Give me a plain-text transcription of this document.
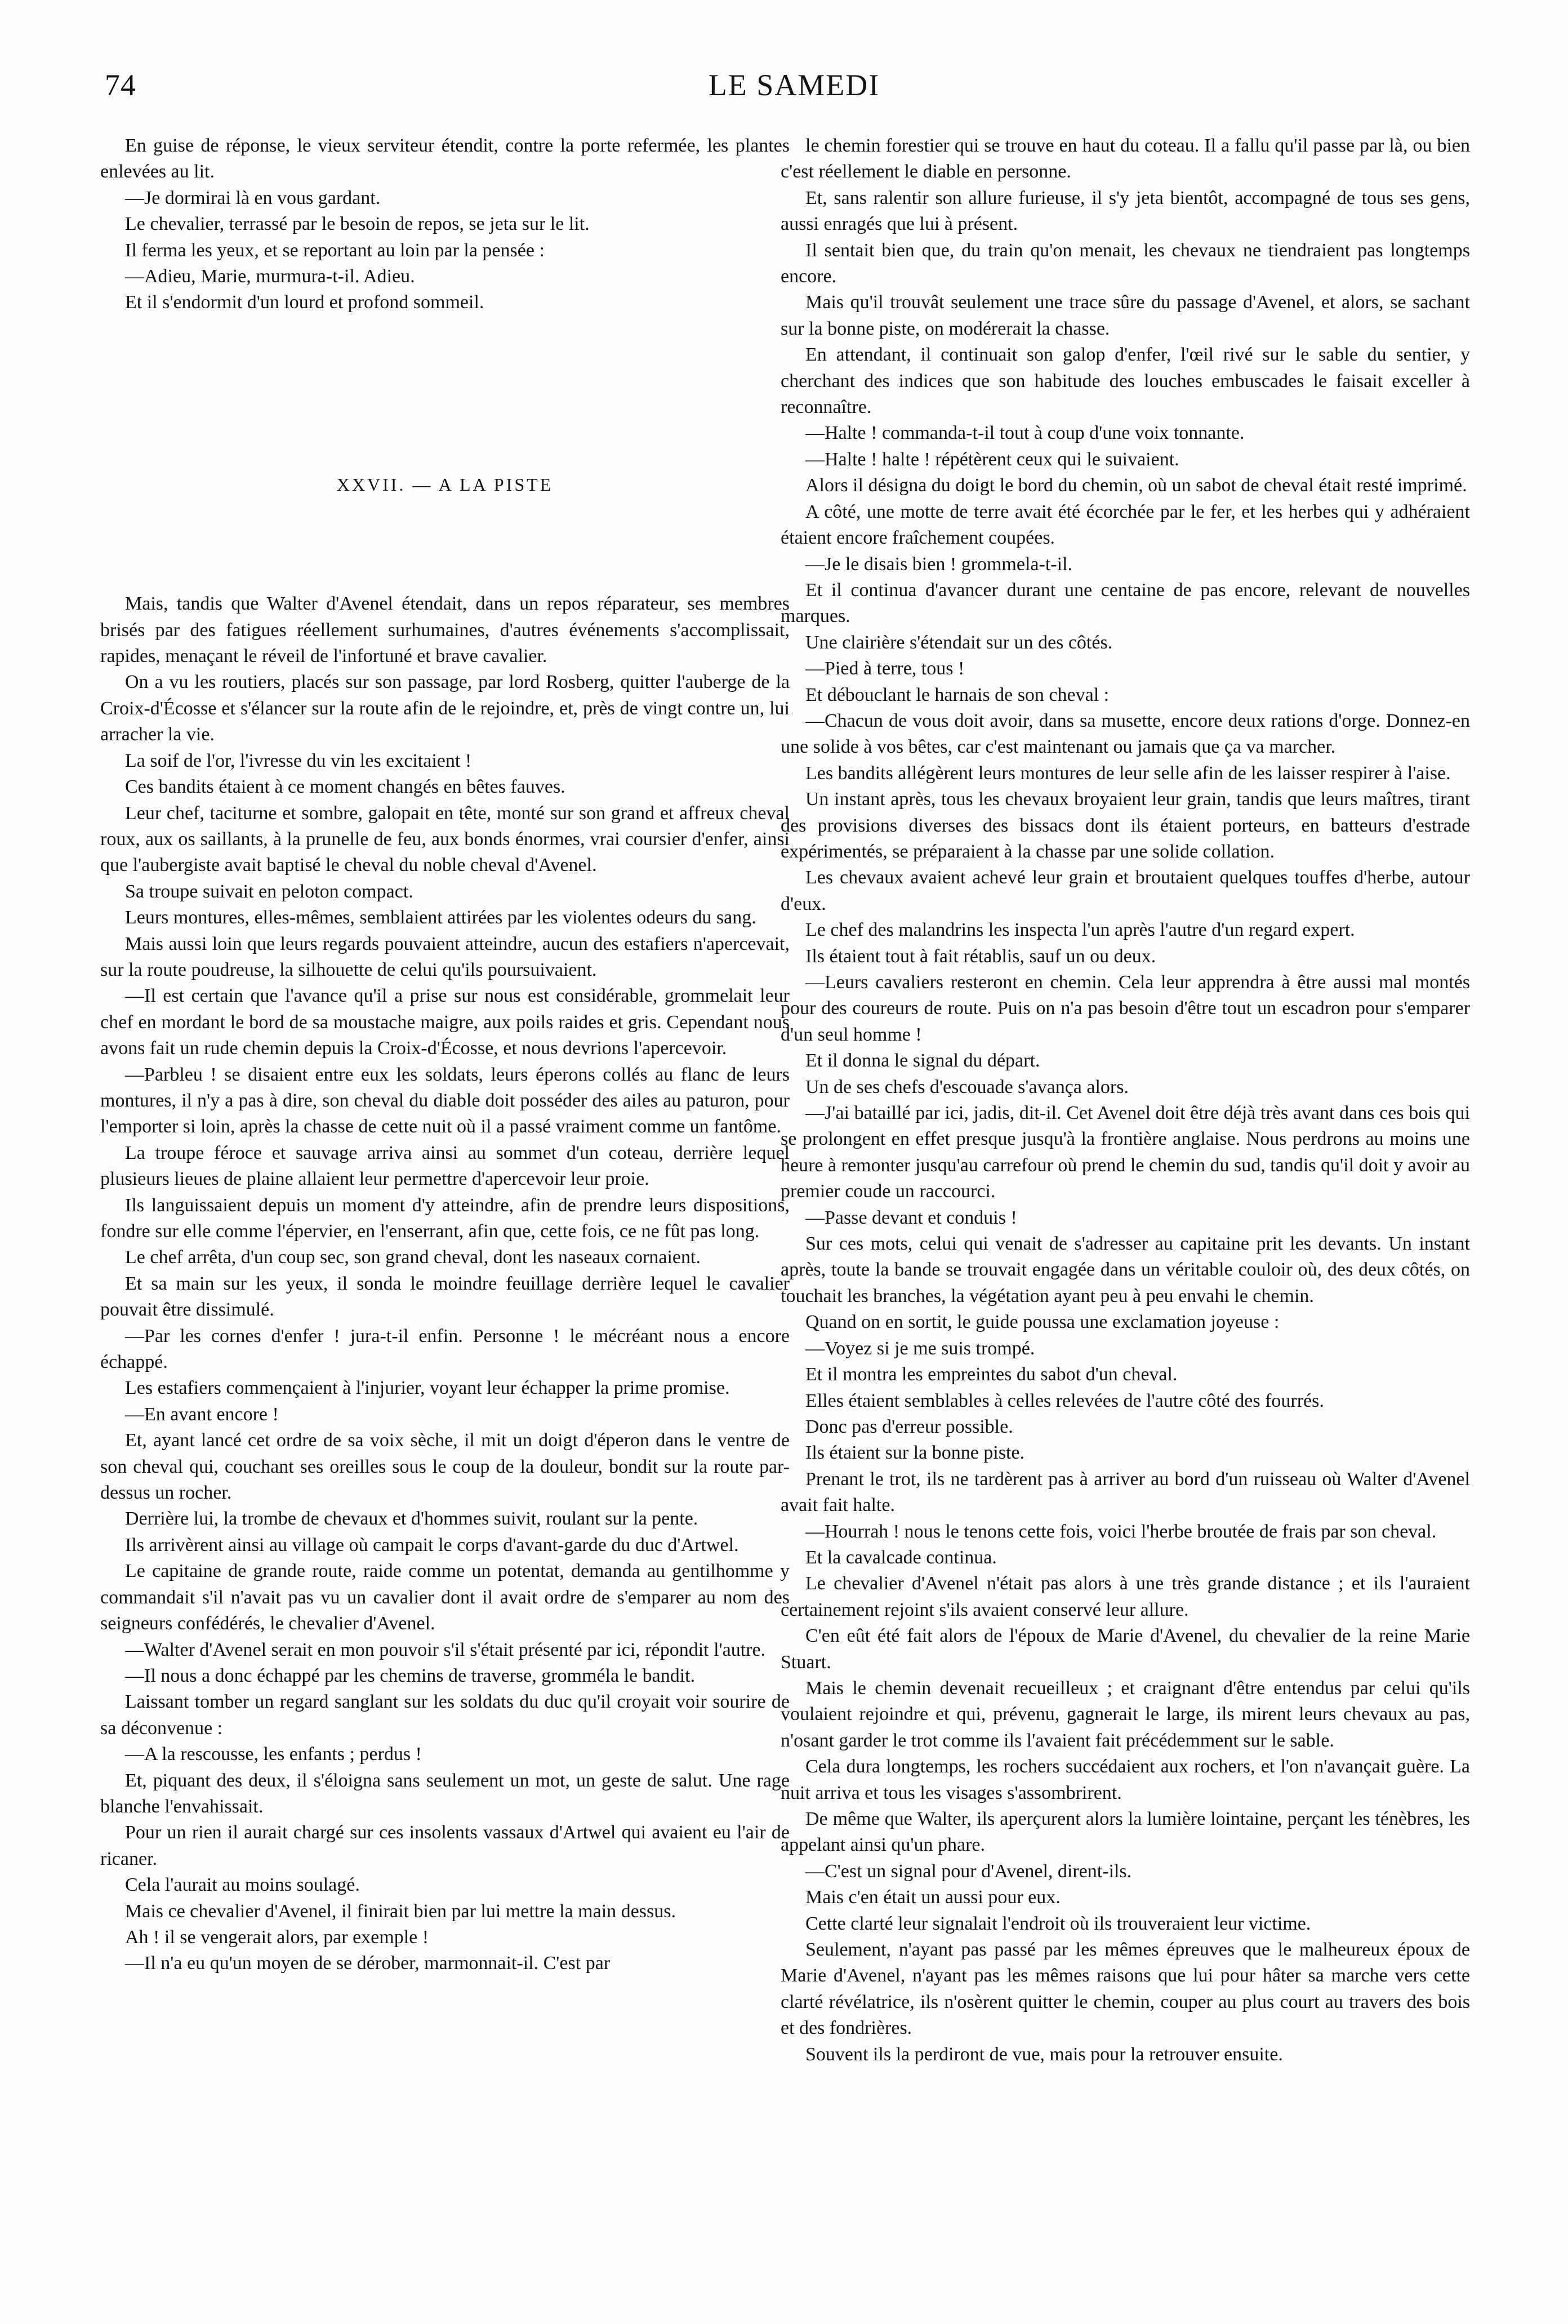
74	LE SAMEDI

En guise de réponse, le vieux serviteur étendit, contre la porte refermée, les plantes enlevées au lit.

—Je dormirai là en vous gardant.

Le chevalier, terrassé par le besoin de repos, se jeta sur le lit.

Il ferma les yeux, et se reportant au loin par la pensée :

—Adieu, Marie, murmura-t-il. Adieu.

Et il s'endormit d'un lourd et profond sommeil.

XXVII. — A LA PISTE

Mais, tandis que Walter d'Avenel étendait, dans un repos réparateur, ses membres brisés par des fatigues réellement surhumaines, d'autres événements s'accomplissait, rapides, menaçant le réveil de l'infortuné et brave cavalier.

On a vu les routiers, placés sur son passage, par lord Rosberg, quitter l'auberge de la Croix-d'Écosse et s'élancer sur la route afin de le rejoindre, et, près de vingt contre un, lui arracher la vie.

La soif de l'or, l'ivresse du vin les excitaient !

Ces bandits étaient à ce moment changés en bêtes fauves.

Leur chef, taciturne et sombre, galopait en tête, monté sur son grand et affreux cheval roux, aux os saillants, à la prunelle de feu, aux bonds énormes, vrai coursier d'enfer, ainsi que l'aubergiste avait baptisé le cheval du noble cheval d'Avenel.

Sa troupe suivait en peloton compact.

Leurs montures, elles-mêmes, semblaient attirées par les violentes odeurs du sang.

Mais aussi loin que leurs regards pouvaient atteindre, aucun des estafiers n'apercevait, sur la route poudreuse, la silhouette de celui qu'ils poursuivaient.

—Il est certain que l'avance qu'il a prise sur nous est considérable, grommelait leur chef en mordant le bord de sa moustache maigre, aux poils raides et gris. Cependant nous avons fait un rude chemin depuis la Croix-d'Écosse, et nous devrions l'apercevoir.

—Parbleu ! se disaient entre eux les soldats, leurs éperons collés au flanc de leurs montures, il n'y a pas à dire, son cheval du diable doit posséder des ailes au paturon, pour l'emporter si loin, après la chasse de cette nuit où il a passé vraiment comme un fantôme.

La troupe féroce et sauvage arriva ainsi au sommet d'un coteau, derrière lequel plusieurs lieues de plaine allaient leur permettre d'apercevoir leur proie.

Ils languissaient depuis un moment d'y atteindre, afin de prendre leurs dispositions, fondre sur elle comme l'épervier, en l'enserrant, afin que, cette fois, ce ne fût pas long.

Le chef arrêta, d'un coup sec, son grand cheval, dont les naseaux cornaient.

Et sa main sur les yeux, il sonda le moindre feuillage derrière lequel le cavalier pouvait être dissimulé.

—Par les cornes d'enfer ! jura-t-il enfin. Personne ! le mécréant nous a encore échappé.

Les estafiers commençaient à l'injurier, voyant leur échapper la prime promise.

—En avant encore !

Et, ayant lancé cet ordre de sa voix sèche, il mit un doigt d'éperon dans le ventre de son cheval qui, couchant ses oreilles sous le coup de la douleur, bondit sur la route par-dessus un rocher.

Derrière lui, la trombe de chevaux et d'hommes suivit, roulant sur la pente.

Ils arrivèrent ainsi au village où campait le corps d'avant-garde du duc d'Artwel.

Le capitaine de grande route, raide comme un potentat, demanda au gentilhomme y commandait s'il n'avait pas vu un cavalier dont il avait ordre de s'emparer au nom des seigneurs confédérés, le chevalier d'Avenel.

—Walter d'Avenel serait en mon pouvoir s'il s'était présenté par ici, répondit l'autre.

—Il nous a donc échappé par les chemins de traverse, gromméla le bandit.

Laissant tomber un regard sanglant sur les soldats du duc qu'il croyait voir sourire de sa déconvenue :

—A la rescousse, les enfants ; perdus !

Et, piquant des deux, il s'éloigna sans seulement un mot, un geste de salut. Une rage blanche l'envahissait.

Pour un rien il aurait chargé sur ces insolents vassaux d'Artwel qui avaient eu l'air de ricaner.

Cela l'aurait au moins soulagé.

Mais ce chevalier d'Avenel, il finirait bien par lui mettre la main dessus.

Ah ! il se vengerait alors, par exemple !

—Il n'a eu qu'un moyen de se dérober, marmonnait-il. C'est par

le chemin forestier qui se trouve en haut du coteau. Il a fallu qu'il passe par là, ou bien c'est réellement le diable en personne.

Et, sans ralentir son allure furieuse, il s'y jeta bientôt, accompagné de tous ses gens, aussi enragés que lui à présent.

Il sentait bien que, du train qu'on menait, les chevaux ne tiendraient pas longtemps encore.

Mais qu'il trouvât seulement une trace sûre du passage d'Avenel, et alors, se sachant sur la bonne piste, on modérerait la chasse.

En attendant, il continuait son galop d'enfer, l'œil rivé sur le sable du sentier, y cherchant des indices que son habitude des louches embuscades le faisait exceller à reconnaître.

—Halte ! commanda-t-il tout à coup d'une voix tonnante.

—Halte ! halte ! répétèrent ceux qui le suivaient.

Alors il désigna du doigt le bord du chemin, où un sabot de cheval était resté imprimé.

A côté, une motte de terre avait été écorchée par le fer, et les herbes qui y adhéraient étaient encore fraîchement coupées.

—Je le disais bien ! grommela-t-il.

Et il continua d'avancer durant une centaine de pas encore, relevant de nouvelles marques.

Une clairière s'étendait sur un des côtés.

—Pied à terre, tous !

Et débouclant le harnais de son cheval :

—Chacun de vous doit avoir, dans sa musette, encore deux rations d'orge. Donnez-en une solide à vos bêtes, car c'est maintenant ou jamais que ça va marcher.

Les bandits allégèrent leurs montures de leur selle afin de les laisser respirer à l'aise.

Un instant après, tous les chevaux broyaient leur grain, tandis que leurs maîtres, tirant des provisions diverses des bissacs dont ils étaient porteurs, en batteurs d'estrade expérimentés, se préparaient à la chasse par une solide collation.

Les chevaux avaient achevé leur grain et broutaient quelques touffes d'herbe, autour d'eux.

Le chef des malandrins les inspecta l'un après l'autre d'un regard expert.

Ils étaient tout à fait rétablis, sauf un ou deux.

—Leurs cavaliers resteront en chemin. Cela leur apprendra à être aussi mal montés pour des coureurs de route. Puis on n'a pas besoin d'être tout un escadron pour s'emparer d'un seul homme !

Et il donna le signal du départ.

Un de ses chefs d'escouade s'avança alors.

—J'ai bataillé par ici, jadis, dit-il. Cet Avenel doit être déjà très avant dans ces bois qui se prolongent en effet presque jusqu'à la frontière anglaise. Nous perdrons au moins une heure à remonter jusqu'au carrefour où prend le chemin du sud, tandis qu'il doit y avoir au premier coude un raccourci.

—Passe devant et conduis !

Sur ces mots, celui qui venait de s'adresser au capitaine prit les devants. Un instant après, toute la bande se trouvait engagée dans un véritable couloir où, des deux côtés, on touchait les branches, la végétation ayant peu à peu envahi le chemin.

Quand on en sortit, le guide poussa une exclamation joyeuse :

—Voyez si je me suis trompé.

Et il montra les empreintes du sabot d'un cheval.

Elles étaient semblables à celles relevées de l'autre côté des fourrés.

Donc pas d'erreur possible.

Ils étaient sur la bonne piste.

Prenant le trot, ils ne tardèrent pas à arriver au bord d'un ruisseau où Walter d'Avenel avait fait halte.

—Hourrah ! nous le tenons cette fois, voici l'herbe broutée de frais par son cheval.

Et la cavalcade continua.

Le chevalier d'Avenel n'était pas alors à une très grande distance ; et ils l'auraient certainement rejoint s'ils avaient conservé leur allure.

C'en eût été fait alors de l'époux de Marie d'Avenel, du chevalier de la reine Marie Stuart.

Mais le chemin devenait recueilleux ; et craignant d'être entendus par celui qu'ils voulaient rejoindre et qui, prévenu, gagnerait le large, ils mirent leurs chevaux au pas, n'osant garder le trot comme ils l'avaient fait précédemment sur le sable.

Cela dura longtemps, les rochers succédaient aux rochers, et l'on n'avançait guère. La nuit arriva et tous les visages s'assombrirent.

De même que Walter, ils aperçurent alors la lumière lointaine, perçant les ténèbres, les appelant ainsi qu'un phare.

—C'est un signal pour d'Avenel, dirent-ils.

Mais c'en était un aussi pour eux.

Cette clarté leur signalait l'endroit où ils trouveraient leur victime.

Seulement, n'ayant pas passé par les mêmes épreuves que le malheureux époux de Marie d'Avenel, n'ayant pas les mêmes raisons que lui pour hâter sa marche vers cette clarté révélatrice, ils n'osèrent quitter le chemin, couper au plus court au travers des bois et des fondrières.

Souvent ils la perdiront de vue, mais pour la retrouver ensuite.
